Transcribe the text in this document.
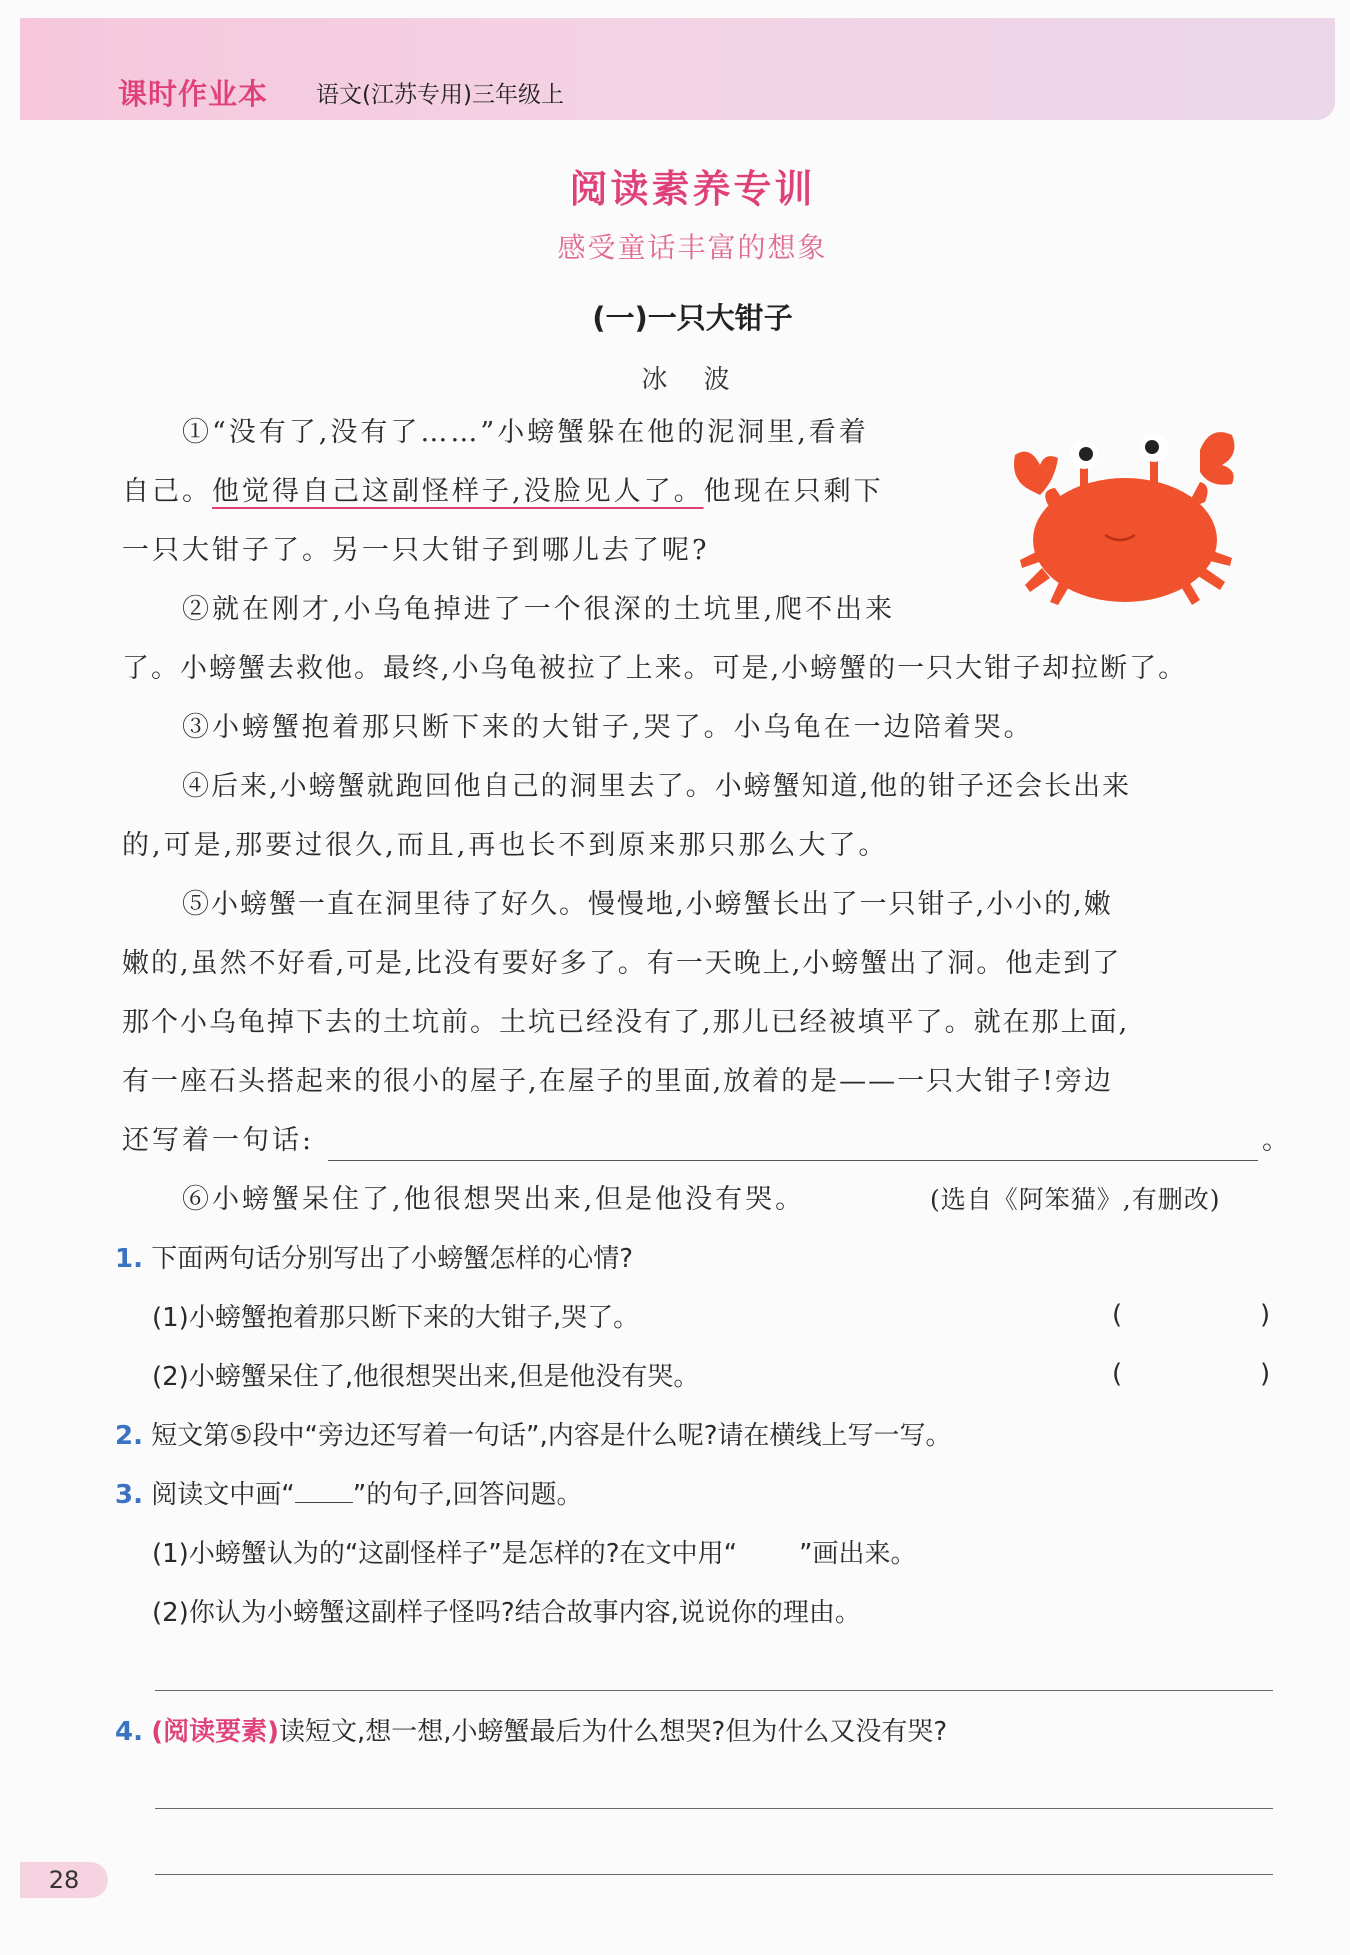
课时作业本 语文(江苏专用)三年级上
阅读素养专训
感受童话丰富的想象
(一)一只大钳子
冰 波
①“没有了,没有了……”小螃蟹躲在他的泥洞里,看着
自己。他觉得自己这副怪样子,没脸见人了。他现在只剩下
一只大钳子了。另一只大钳子到哪儿去了呢?
②就在刚才,小乌龟掉进了一个很深的土坑里,爬不出来
了。小螃蟹去救他。最终,小乌龟被拉了上来。可是,小螃蟹的一只大钳子却拉断了。
③小螃蟹抱着那只断下来的大钳子,哭了。小乌龟在一边陪着哭。
④后来,小螃蟹就跑回他自己的洞里去了。小螃蟹知道,他的钳子还会长出来
的,可是,那要过很久,而且,再也长不到原来那只那么大了。
⑤小螃蟹一直在洞里待了好久。慢慢地,小螃蟹长出了一只钳子,小小的,嫩
嫩的,虽然不好看,可是,比没有要好多了。有一天晚上,小螃蟹出了洞。他走到了
那个小乌龟掉下去的土坑前。土坑已经没有了,那儿已经被填平了。就在那上面,
有一座石头搭起来的很小的屋子,在屋子的里面,放着的是——一只大钳子!旁边
还写着一句话:	。
⑥小螃蟹呆住了,他很想哭出来,但是他没有哭。	(选自《阿笨猫》,有删改)
1. 下面两句话分别写出了小螃蟹怎样的心情?
(1)小螃蟹抱着那只断下来的大钳子,哭了。	(	)
(2)小螃蟹呆住了,他很想哭出来,但是他没有哭。	(	)
2. 短文第⑤段中“旁边还写着一句话”,内容是什么呢?请在横线上写一写。
3. 阅读文中画“ ”的句子,回答问题。
(1)小螃蟹认为的“这副怪样子”是怎样的?在文中用“ ”画出来。
(2)你认为小螃蟹这副样子怪吗?结合故事内容,说说你的理由。
4. (阅读要素)读短文,想一想,小螃蟹最后为什么想哭?但为什么又没有哭?
28
